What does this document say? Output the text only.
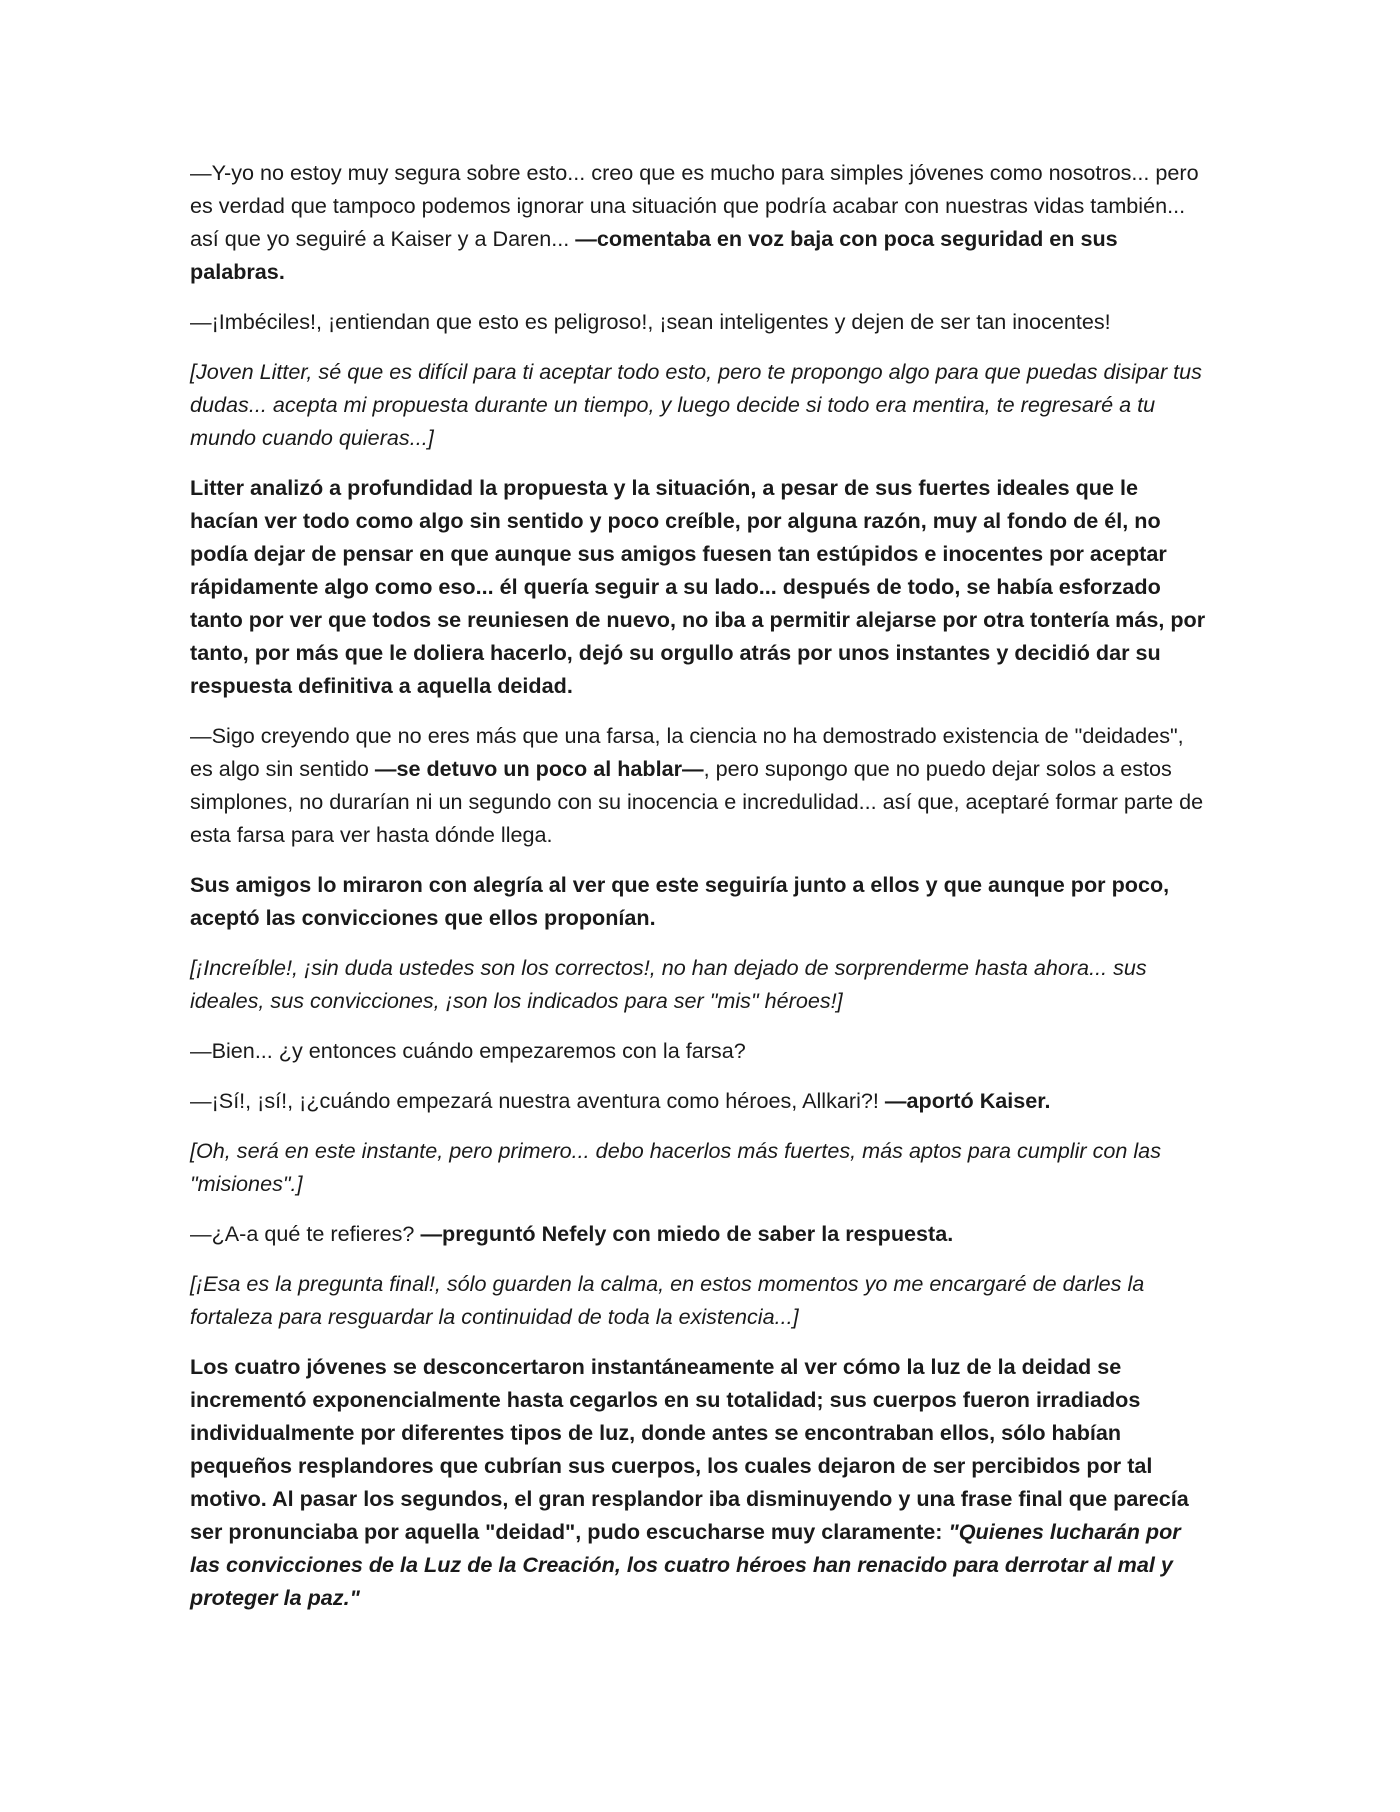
—Y-yo no estoy muy segura sobre esto... creo que es mucho para simples jóvenes como nosotros... pero es verdad que tampoco podemos ignorar una situación que podría acabar con nuestras vidas también... así que yo seguiré a Kaiser y a Daren... —comentaba en voz baja con poca seguridad en sus palabras.

—¡Imbéciles!, ¡entiendan que esto es peligroso!, ¡sean inteligentes y dejen de ser tan inocentes!

[Joven Litter, sé que es difícil para ti aceptar todo esto, pero te propongo algo para que puedas disipar tus dudas... acepta mi propuesta durante un tiempo, y luego decide si todo era mentira, te regresaré a tu mundo cuando quieras...]

Litter analizó a profundidad la propuesta y la situación, a pesar de sus fuertes ideales que le hacían ver todo como algo sin sentido y poco creíble, por alguna razón, muy al fondo de él, no podía dejar de pensar en que aunque sus amigos fuesen tan estúpidos e inocentes por aceptar rápidamente algo como eso... él quería seguir a su lado... después de todo, se había esforzado tanto por ver que todos se reuniesen de nuevo, no iba a permitir alejarse por otra tontería más, por tanto, por más que le doliera hacerlo, dejó su orgullo atrás por unos instantes y decidió dar su respuesta definitiva a aquella deidad.

—Sigo creyendo que no eres más que una farsa, la ciencia no ha demostrado existencia de "deidades", es algo sin sentido —se detuvo un poco al hablar—, pero supongo que no puedo dejar solos a estos simplones, no durarían ni un segundo con su inocencia e incredulidad... así que, aceptaré formar parte de esta farsa para ver hasta dónde llega.

Sus amigos lo miraron con alegría al ver que este seguiría junto a ellos y que aunque por poco, aceptó las convicciones que ellos proponían.

[¡Increíble!, ¡sin duda ustedes son los correctos!, no han dejado de sorprenderme hasta ahora... sus ideales, sus convicciones, ¡son los indicados para ser "mis" héroes!]

—Bien... ¿y entonces cuándo empezaremos con la farsa?

—¡Sí!, ¡sí!, ¡¿cuándo empezará nuestra aventura como héroes, Allkari?! —aportó Kaiser.

[Oh, será en este instante, pero primero... debo hacerlos más fuertes, más aptos para cumplir con las "misiones".]

—¿A-a qué te refieres? —preguntó Nefely con miedo de saber la respuesta.

[¡Esa es la pregunta final!, sólo guarden la calma, en estos momentos yo me encargaré de darles la fortaleza para resguardar la continuidad de toda la existencia...]

Los cuatro jóvenes se desconcertaron instantáneamente al ver cómo la luz de la deidad se incrementó exponencialmente hasta cegarlos en su totalidad; sus cuerpos fueron irradiados individualmente por diferentes tipos de luz, donde antes se encontraban ellos, sólo habían pequeños resplandores que cubrían sus cuerpos, los cuales dejaron de ser percibidos por tal motivo. Al pasar los segundos, el gran resplandor iba disminuyendo y una frase final que parecía ser pronunciaba por aquella "deidad", pudo escucharse muy claramente: "Quienes lucharán por las convicciones de la Luz de la Creación, los cuatro héroes han renacido para derrotar al mal y proteger la paz."
